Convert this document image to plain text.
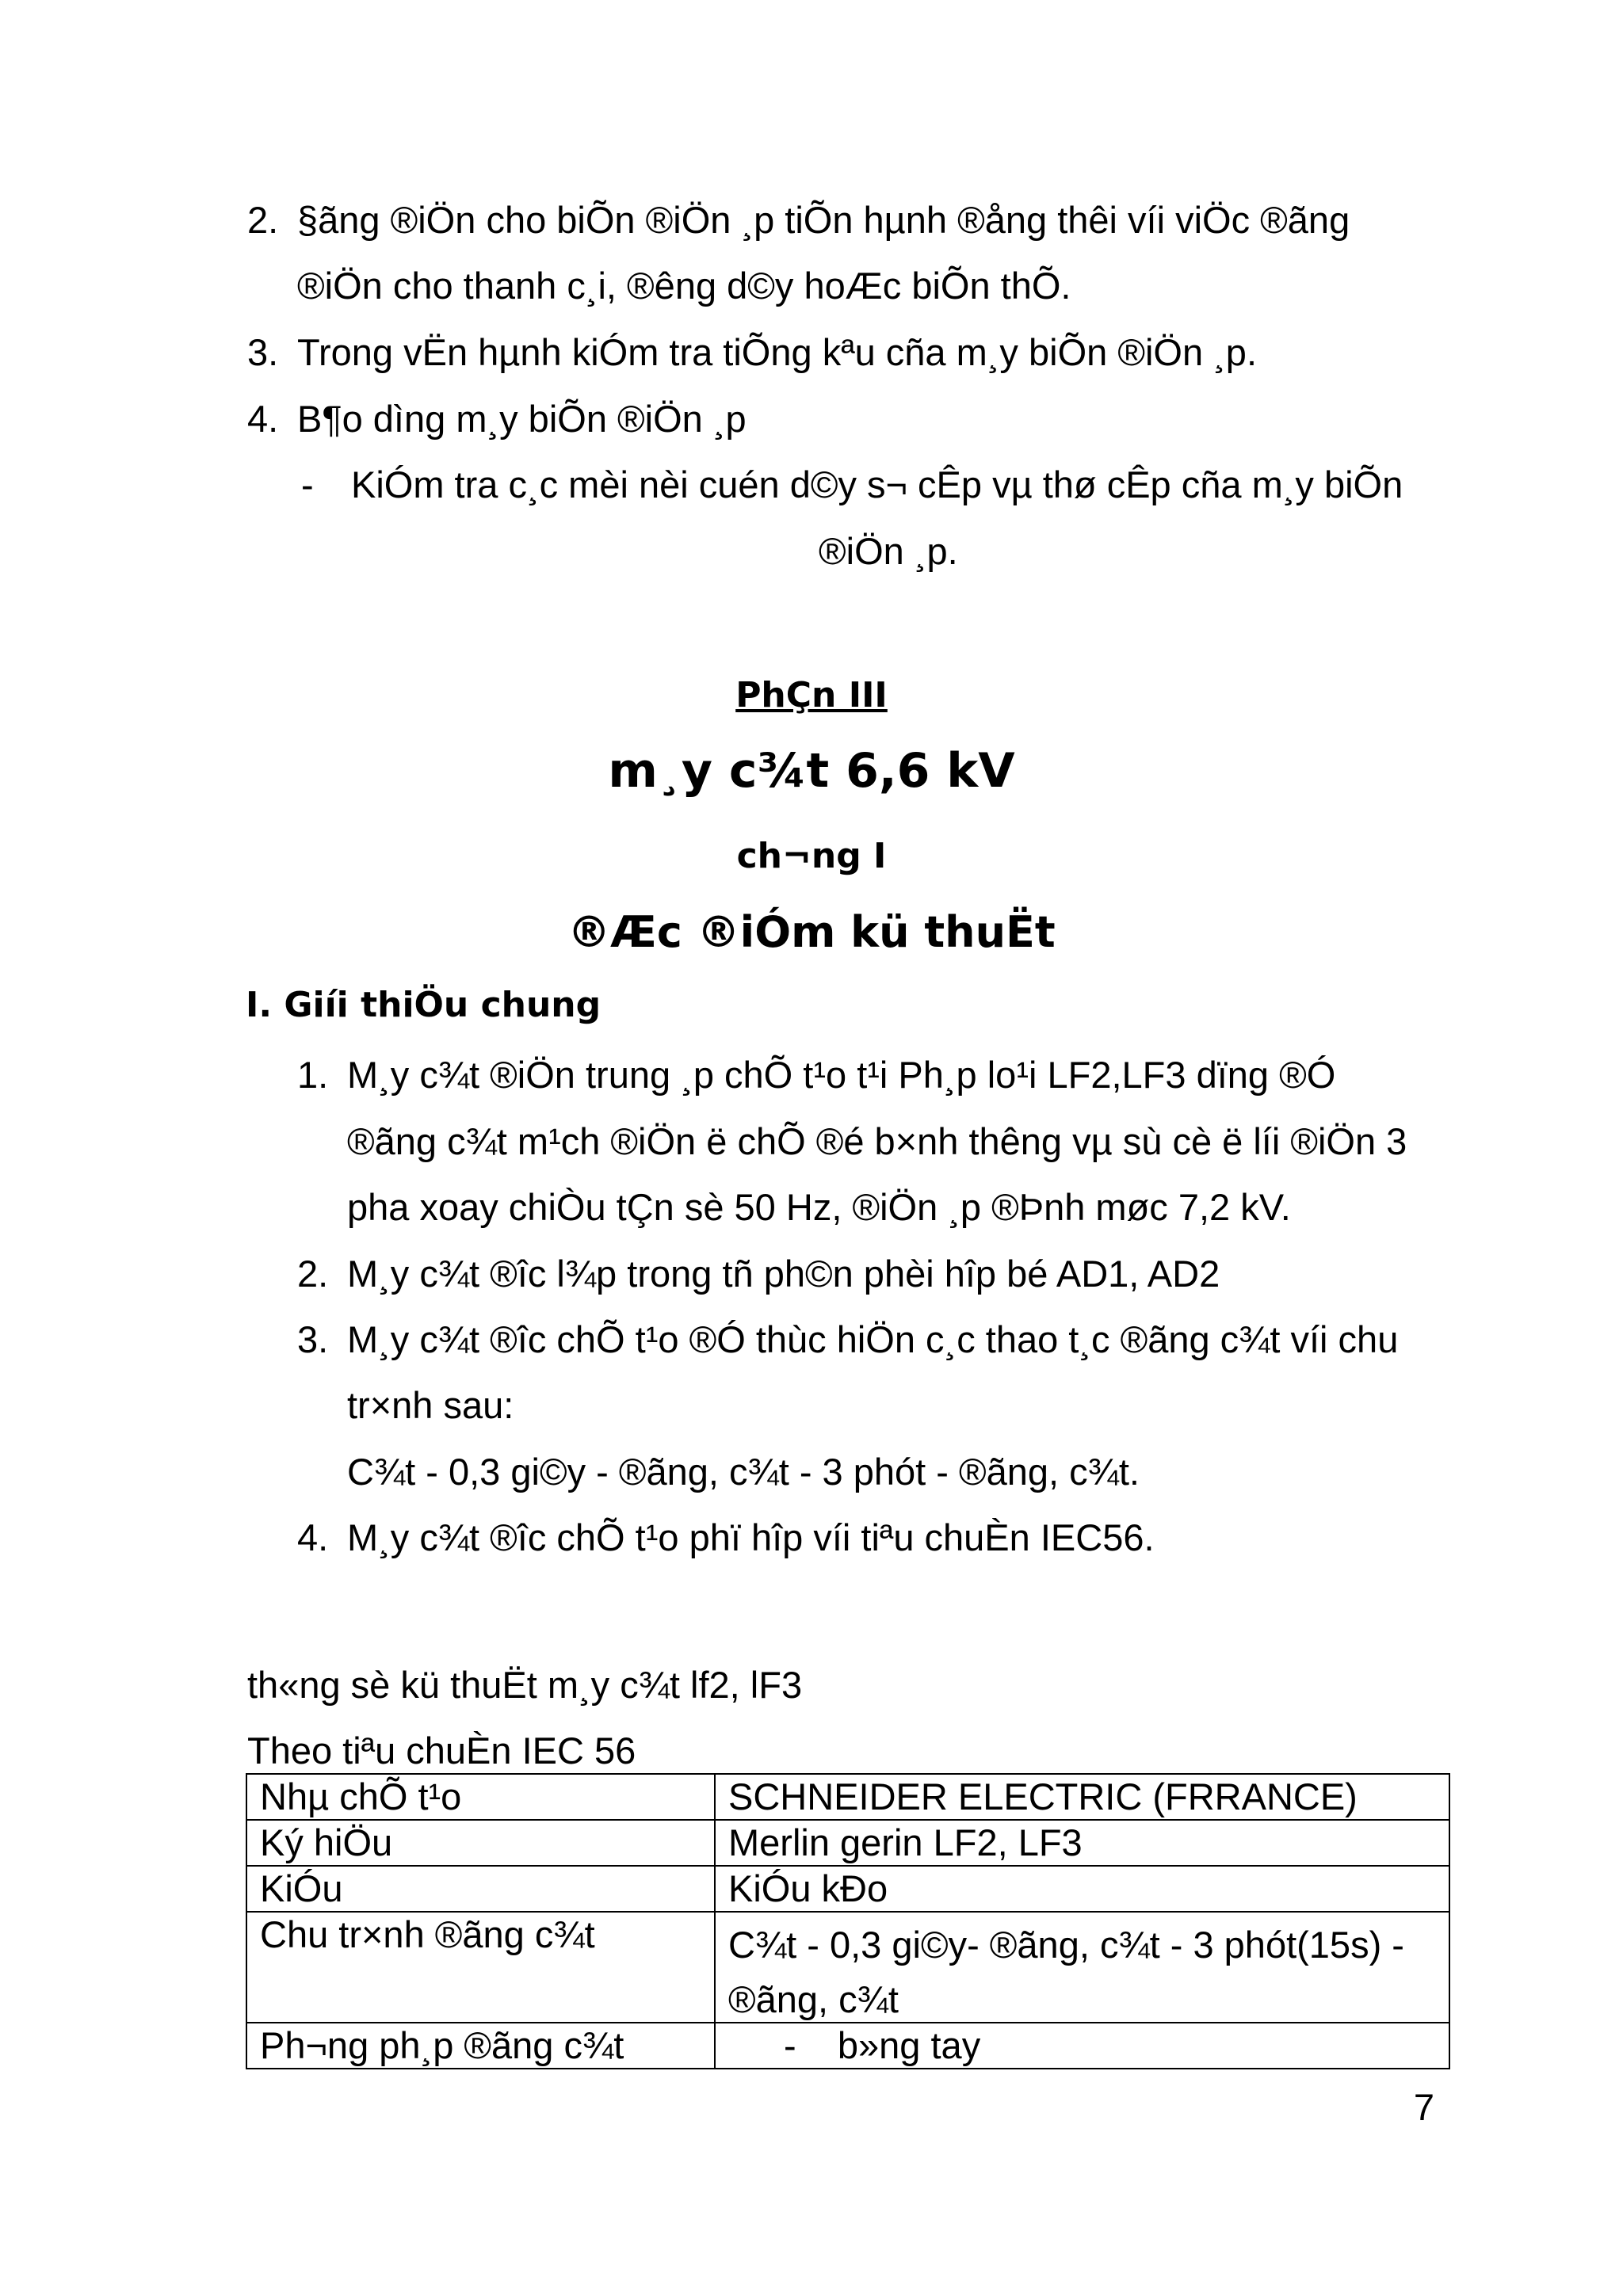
2. §ãng ®iÖn cho biÕn ®iÖn ¸p tiÕn hµnh ®ång thêi víi viÖc ®ãng
®iÖn cho thanh c¸i, ®êng d©y hoÆc biÕn thÕ.
3. Trong vËn hµnh kiÓm tra tiÕng kªu cña m¸y biÕn ®iÖn ¸p.
4. B¶o dìng m¸y biÕn ®iÖn ¸p
- KiÓm tra c¸c mèi nèi cuén d©y s¬ cÊp vµ thø cÊp cña m¸y biÕn
®iÖn ¸p.
PhÇn III
m¸y c¾t 6,6 kV
ch¬ng I
®Æc ®iÓm kü thuËt
I. Giíi thiÖu chung
1. M¸y c¾t ®iÖn trung ¸p chÕ t¹o t¹i Ph¸p lo¹i LF2,LF3 dïng ®Ó
®ãng c¾t m¹ch ®iÖn ë chÕ ®é b×nh thêng vµ sù cè ë líi ®iÖn 3
pha xoay chiÒu tÇn sè 50 Hz, ®iÖn ¸p ®Þnh møc 7,2 kV.
2. M¸y c¾t ®îc l¾p trong tñ ph©n phèi hîp bé AD1, AD2
3. M¸y c¾t ®îc chÕ t¹o ®Ó thùc hiÖn c¸c thao t¸c ®ãng c¾t víi chu
tr×nh sau:
C¾t - 0,3 gi©y - ®ãng, c¾t - 3 phót - ®ãng, c¾t.
4. M¸y c¾t ®îc chÕ t¹o phï hîp víi tiªu chuÈn IEC56.
th«ng sè kü thuËt m¸y c¾t lf2, lF3
Theo tiªu chuÈn IEC 56
Nhµ chÕ t¹o	SCHNEIDER ELECTRIC (FRRANCE)
Ký hiÖu	Merlin gerin LF2, LF3
KiÓu	KiÓu kÐo
Chu tr×nh ®ãng c¾t	C¾t - 0,3 gi©y- ®ãng, c¾t - 3 phót(15s) -
®ãng, c¾t

Ph¬ng ph¸p ®ãng c¾t	-    b»ng tay
7
